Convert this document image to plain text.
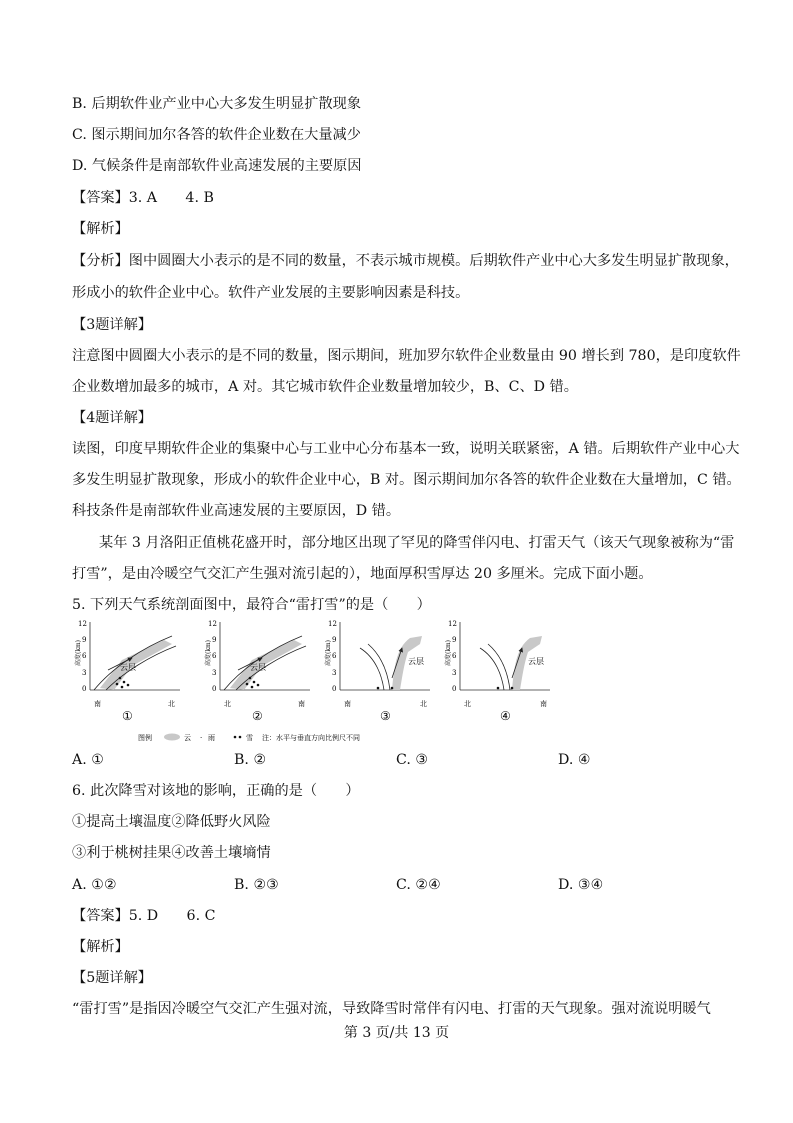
B. 后期软件业产业中心大多发生明显扩散现象
C. 图示期间加尔各答的软件企业数在大量减少
D. 气候条件是南部软件业高速发展的主要原因
【答案】3. A　　4. B
【解析】
【分析】图中圆圈大小表示的是不同的数量，不表示城市规模。后期软件产业中心大多发生明显扩散现象，
形成小的软件企业中心。软件产业发展的主要影响因素是科技。
【3题详解】
注意图中圆圈大小表示的是不同的数量，图示期间，班加罗尔软件企业数量由 90 增长到 780，是印度软件
企业数增加最多的城市，A 对。其它城市软件企业数量增加较少，B、C、D 错。
【4题详解】
读图，印度早期软件企业的集聚中心与工业中心分布基本一致，说明关联紧密，A 错。后期软件产业中心大
多发生明显扩散现象，形成小的软件企业中心，B 对。图示期间加尔各答的软件企业数在大量增加，C 错。
科技条件是南部软件业高速发展的主要原因，D 错。
某年 3 月洛阳正值桃花盛开时，部分地区出现了罕见的降雪伴闪电、打雷天气（该天气现象被称为“雷
打雪”，是由冷暖空气交汇产生强对流引起的），地面厚积雪厚达 20 多厘米。完成下面小题。
5. 下列天气系统剖面图中，最符合“雷打雪”的是（　　）
12
9
6
3
0
高度(km)
云层
南	北
①
12
9
6
3
0
高度(km)
云层
北	南
②
12
9
6
3
0
高度(km)	云层
南	北
③
12
9
6
3
0
高度(km)	云层
北	南
④
图例	云 · 雨	雪 注：水平与垂直方向比例尺不同
A. ①	B. ②	C. ③	D. ④
6. 此次降雪对该地的影响，正确的是（　　）
①提高土壤温度②降低野火风险
③利于桃树挂果④改善土壤墒情
A. ①②	B. ②③	C. ②④	D. ③④
【答案】5. D　　6. C
【解析】
【5题详解】
“雷打雪”是指因冷暖空气交汇产生强对流，导致降雪时常伴有闪电、打雷的天气现象。强对流说明暖气
第 3 页/共 13 页
